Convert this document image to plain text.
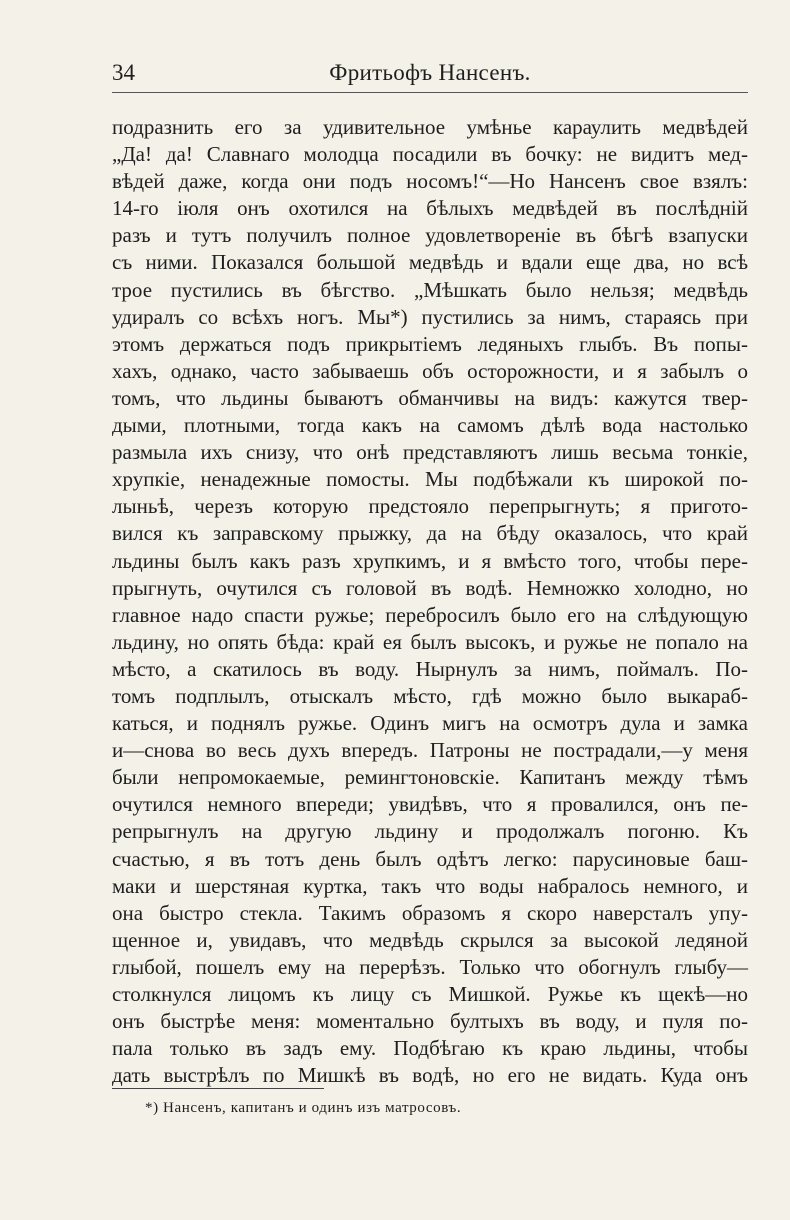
34	Фритьофъ Нансенъ.
подразнить его за удивительное умѣнье караулить медвѣдей
„Да! да! Славнаго молодца посадили въ бочку: не видитъ мед-
вѣдей даже, когда они подъ носомъ!“—Но Нансенъ свое взялъ:
14-го іюля онъ охотился на бѣлыхъ медвѣдей въ послѣдній
разъ и тутъ получилъ полное удовлетвореніе въ бѣгѣ взапуски
съ ними. Показался большой медвѣдь и вдали еще два, но всѣ
трое пустились въ бѣгство. „Мѣшкать было нельзя; медвѣдь
удиралъ со всѣхъ ногъ. Мы*) пустились за нимъ, стараясь при
этомъ держаться подъ прикрытіемъ ледяныхъ глыбъ. Въ попы-
хахъ, однако, часто забываешь объ осторожности, и я забылъ о
томъ, что льдины бываютъ обманчивы на видъ: кажутся твер-
дыми, плотными, тогда какъ на самомъ дѣлѣ вода настолько
размыла ихъ снизу, что онѣ представляютъ лишь весьма тонкіе,
хрупкіе, ненадежные помосты. Мы подбѣжали къ широкой по-
лыньѣ, черезъ которую предстояло перепрыгнуть; я пригото-
вился къ заправскому прыжку, да на бѣду оказалось, что край
льдины былъ какъ разъ хрупкимъ, и я вмѣсто того, чтобы пере-
прыгнуть, очутился съ головой въ водѣ. Немножко холодно, но
главное надо спасти ружье; перебросилъ было его на слѣдующую
льдину, но опять бѣда: край ея былъ высокъ, и ружье не попало на
мѣсто, а скатилось въ воду. Нырнулъ за нимъ, поймалъ. По-
томъ подплылъ, отыскалъ мѣсто, гдѣ можно было выкараб-
каться, и поднялъ ружье. Одинъ мигъ на осмотръ дула и замка
и—снова во весь духъ впередъ. Патроны не пострадали,—у меня
были непромокаемые, ремингтоновскіе. Капитанъ между тѣмъ
очутился немного впереди; увидѣвъ, что я провалился, онъ пе-
репрыгнулъ на другую льдину и продолжалъ погоню. Къ
счастью, я въ тотъ день былъ одѣтъ легко: парусиновые баш-
маки и шерстяная куртка, такъ что воды набралось немного, и
она быстро стекла. Такимъ образомъ я скоро наверсталъ упу-
щенное и, увидавъ, что медвѣдь скрылся за высокой ледяной
глыбой, пошелъ ему на перерѣзъ. Только что обогнулъ глыбу—
столкнулся лицомъ къ лицу съ Мишкой. Ружье къ щекѣ—но
онъ быстрѣе меня: моментально бултыхъ въ воду, и пуля по-
пала только въ задъ ему. Подбѣгаю къ краю льдины, чтобы
дать выстрѣлъ по Мишкѣ въ водѣ, но его не видать. Куда онъ
*) Нансенъ, капитанъ и одинъ изъ матросовъ.
